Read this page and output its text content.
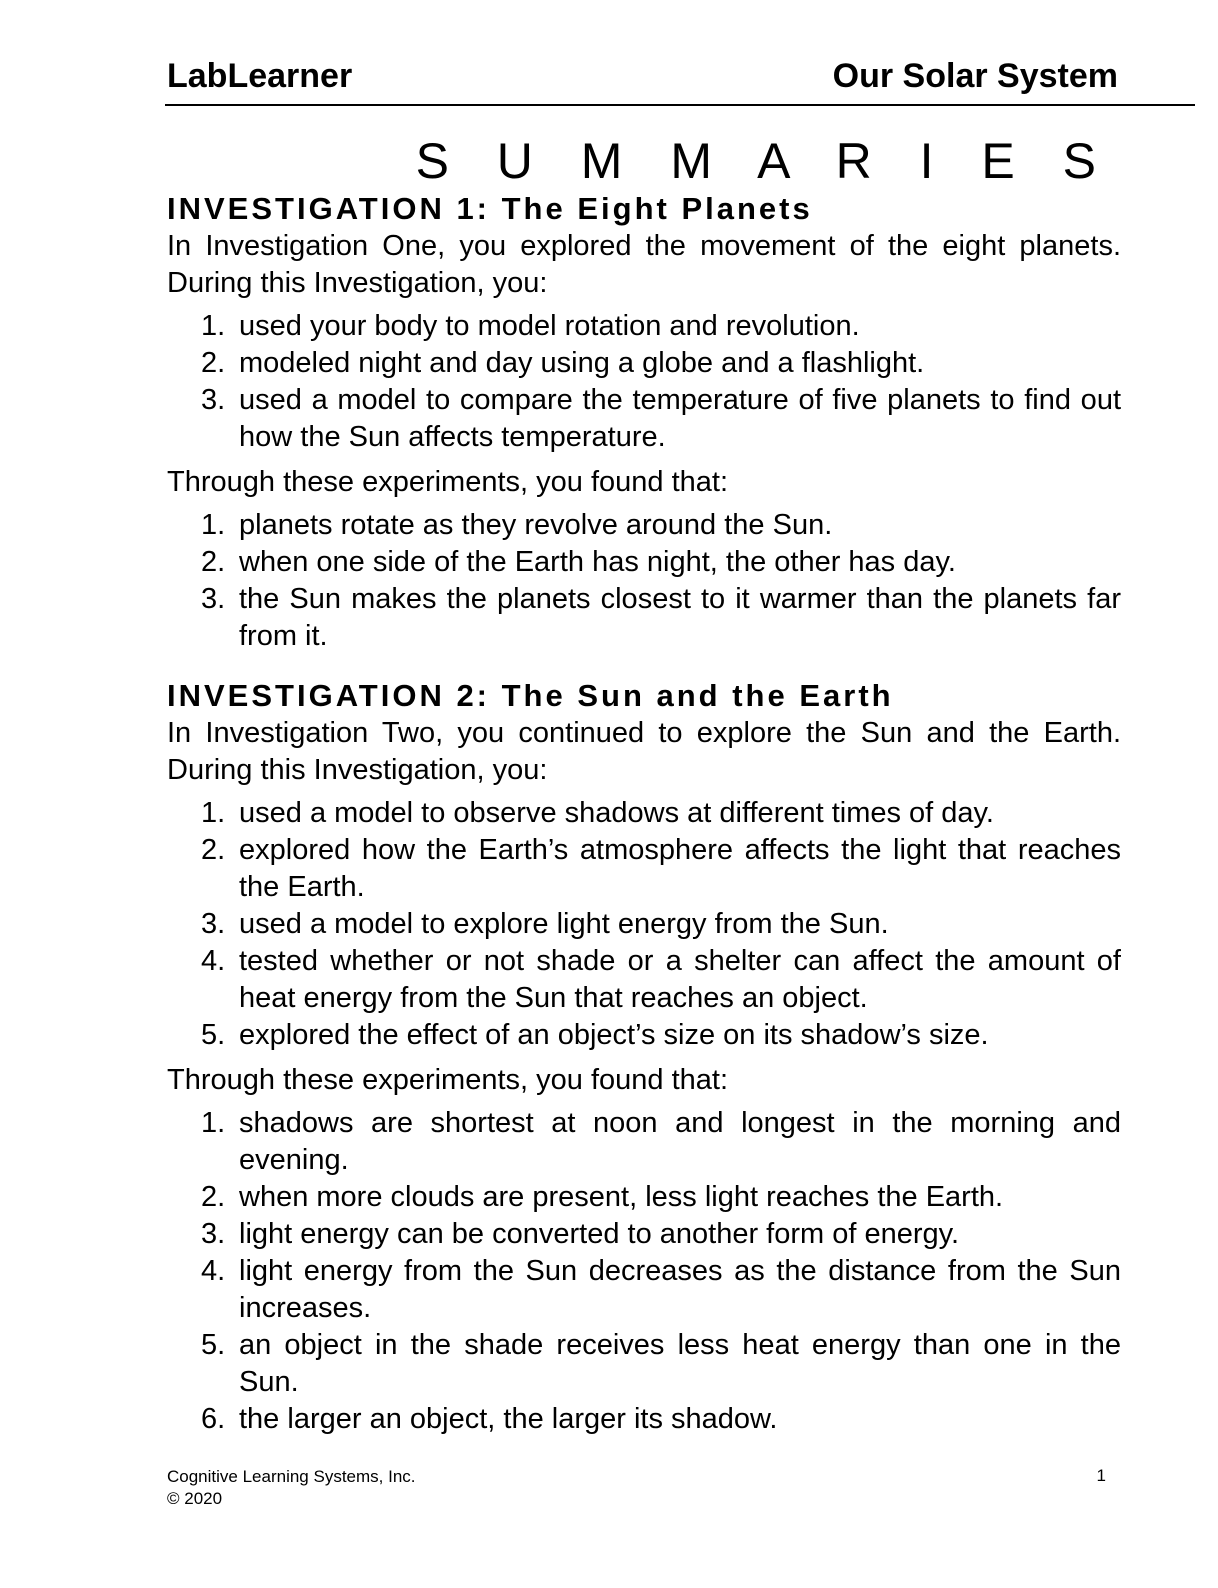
LabLearner	Our Solar System
S U M M A R I E S
INVESTIGATION 1: The Eight Planets

In Investigation One, you explored the movement of the eight planets. During this Investigation, you:

1. used your body to model rotation and revolution.
2. modeled night and day using a globe and a flashlight.
3. used a model to compare the temperature of five planets to find out how the Sun affects temperature.

Through these experiments, you found that:

1. planets rotate as they revolve around the Sun.
2. when one side of the Earth has night, the other has day.
3. the Sun makes the planets closest to it warmer than the planets far from it.
INVESTIGATION 2: The Sun and the Earth

In Investigation Two, you continued to explore the Sun and the Earth. During this Investigation, you:

1. used a model to observe shadows at different times of day.
2. explored how the Earth’s atmosphere affects the light that reaches the Earth.
3. used a model to explore light energy from the Sun.
4. tested whether or not shade or a shelter can affect the amount of heat energy from the Sun that reaches an object.
5. explored the effect of an object’s size on its shadow’s size.

Through these experiments, you found that:

1. shadows are shortest at noon and longest in the morning and evening.
2. when more clouds are present, less light reaches the Earth.
3. light energy can be converted to another form of energy.
4. light energy from the Sun decreases as the distance from the Sun increases.
5. an object in the shade receives less heat energy than one in the Sun.
6. the larger an object, the larger its shadow.
Cognitive Learning Systems, Inc.
© 2020
1
